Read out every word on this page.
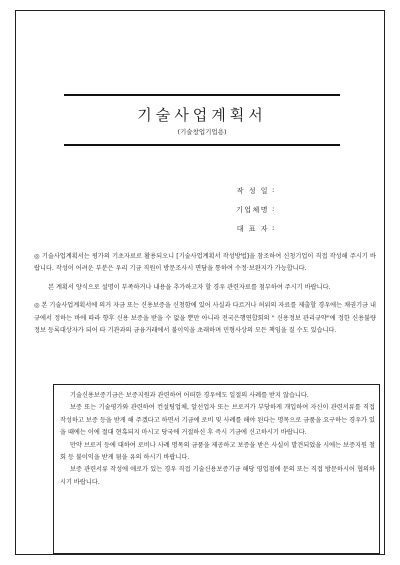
기술사업계획서
(기술창업기업용)
작 성 일 :
기업체명 :
대 표 자 :

◎ 기술사업계획서는 평가의 기초자료로 활용되오니 [기술사업계획서 작성방법]을 참조하여 신청기업이 직접 작성해 주시기 바랍니다. 작성이 어려운 부분은 우리 기금 직원이 방문조사시 면담을 통하여 수정·보완지가 가능합니다.

본 계획서 양식으로 설명이 부족하거나 내용을 추가하고자 할 경우 관련자료를 첨부하여 주시기 바랍니다.

◎ 본 기술사업계획서에 의거 자금 또는 신용보증을 신청함에 있어 사실과 다르거나 허위의 자료를 제출할 경우에는 채권기금 내규에서 정하는 바에 따라 향후 신용 보증을 받을 수 없을 뿐만 아니라 전국은행연합회의 " 신용정보 관리규약"에 정한 신용불량정보 등록대상자가 되어 타 기관과의 금융거래에서 불이익을 초래하며 민형사상의 모든 책임을 질 수도 있습니다.

기술신용보증기금은 보증지원과 관련하여 어떠한 경우에도 일절의 사례를 받지 않습니다.

보증 또는 기술평가와 관련하여 컨설팅업체, 알선업자 또는 브로커가 부당하게 개입하여 자신이 관련서류를 직접 작성하고 보증 등을 받게 해 주겠다고 하면서 기금에 로비 및 사례를 해야 된다는 명목으로 금품을 요구하는 경우가 있을 때에는 이에 절대 현혹되지 마시고 당국에 거절하신 후 즉시 기금에 신고하시기 바랍니다.

만약 브로커 등에 대하여 로비나 사례 명목의 금품을 제공하고 보증을 받은 사실이 발견되었을 시에는 보증지원 철회 등 불이익을 받게 됨을 유의 하시기 바랍니다.

보증 관련서류 작성에 애로가 있는 경우 직접 기술신용보증기금 해당 영업점에 문의 또는 직접 방문하시어 협의하시기 바랍니다.
